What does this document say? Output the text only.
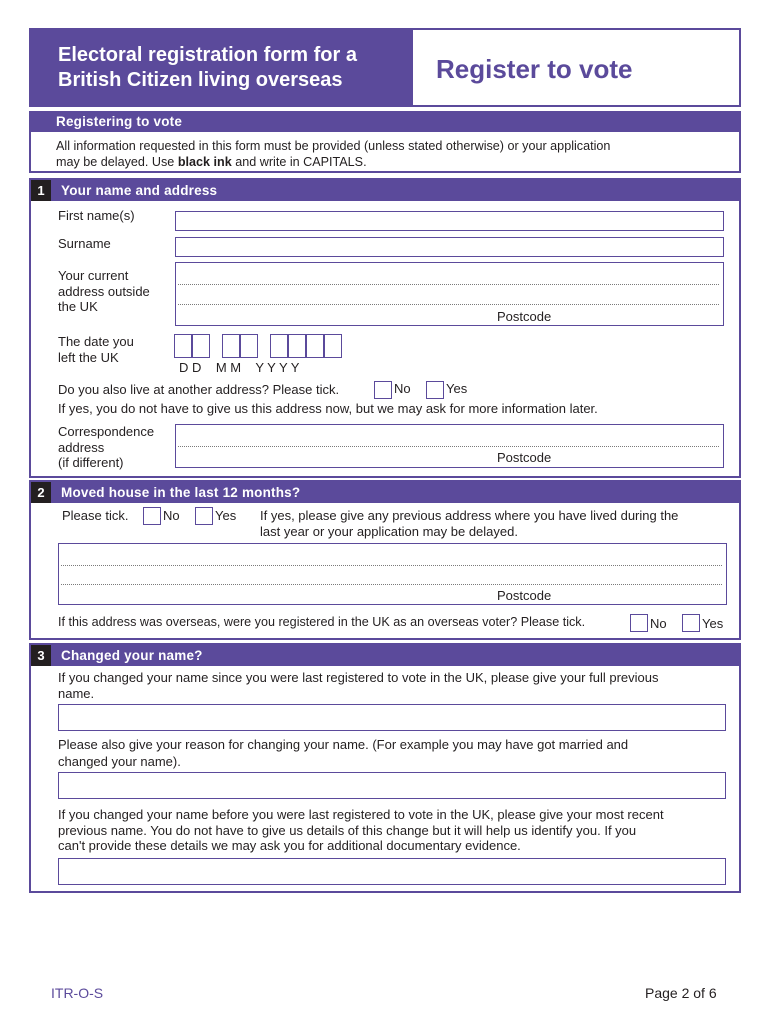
Electoral registration form for a
British Citizen living overseas	Register to vote
Registering to vote
All information requested in this form must be provided (unless stated otherwise) or your application
may be delayed. Use black ink and write in CAPITALS.
1	Your name and address
First name(s)
Surname
Your current
address outside
the UK
Postcode
The date you
left the UK
D D    M M    Y Y Y Y
Do you also live at another address? Please tick.	No	Yes
If yes, you do not have to give us this address now, but we may ask for more information later.
Correspondence
address
(if different)	Postcode
2	Moved house in the last 12 months?
Please tick.	No	Yes If yes, please give any previous address where you have lived during the
last year or your application may be delayed.
Postcode
If this address was overseas, were you registered in the UK as an overseas voter? Please tick.	No	Yes
3	Changed your name?
If you changed your name since you were last registered to vote in the UK, please give your full previous
name.
Please also give your reason for changing your name. (For example you may have got married and
changed your name).
If you changed your name before you were last registered to vote in the UK, please give your most recent
previous name. You do not have to give us details of this change but it will help us identify you. If you
can't provide these details we may ask you for additional documentary evidence.
ITR-O-S	Page 2 of 6
